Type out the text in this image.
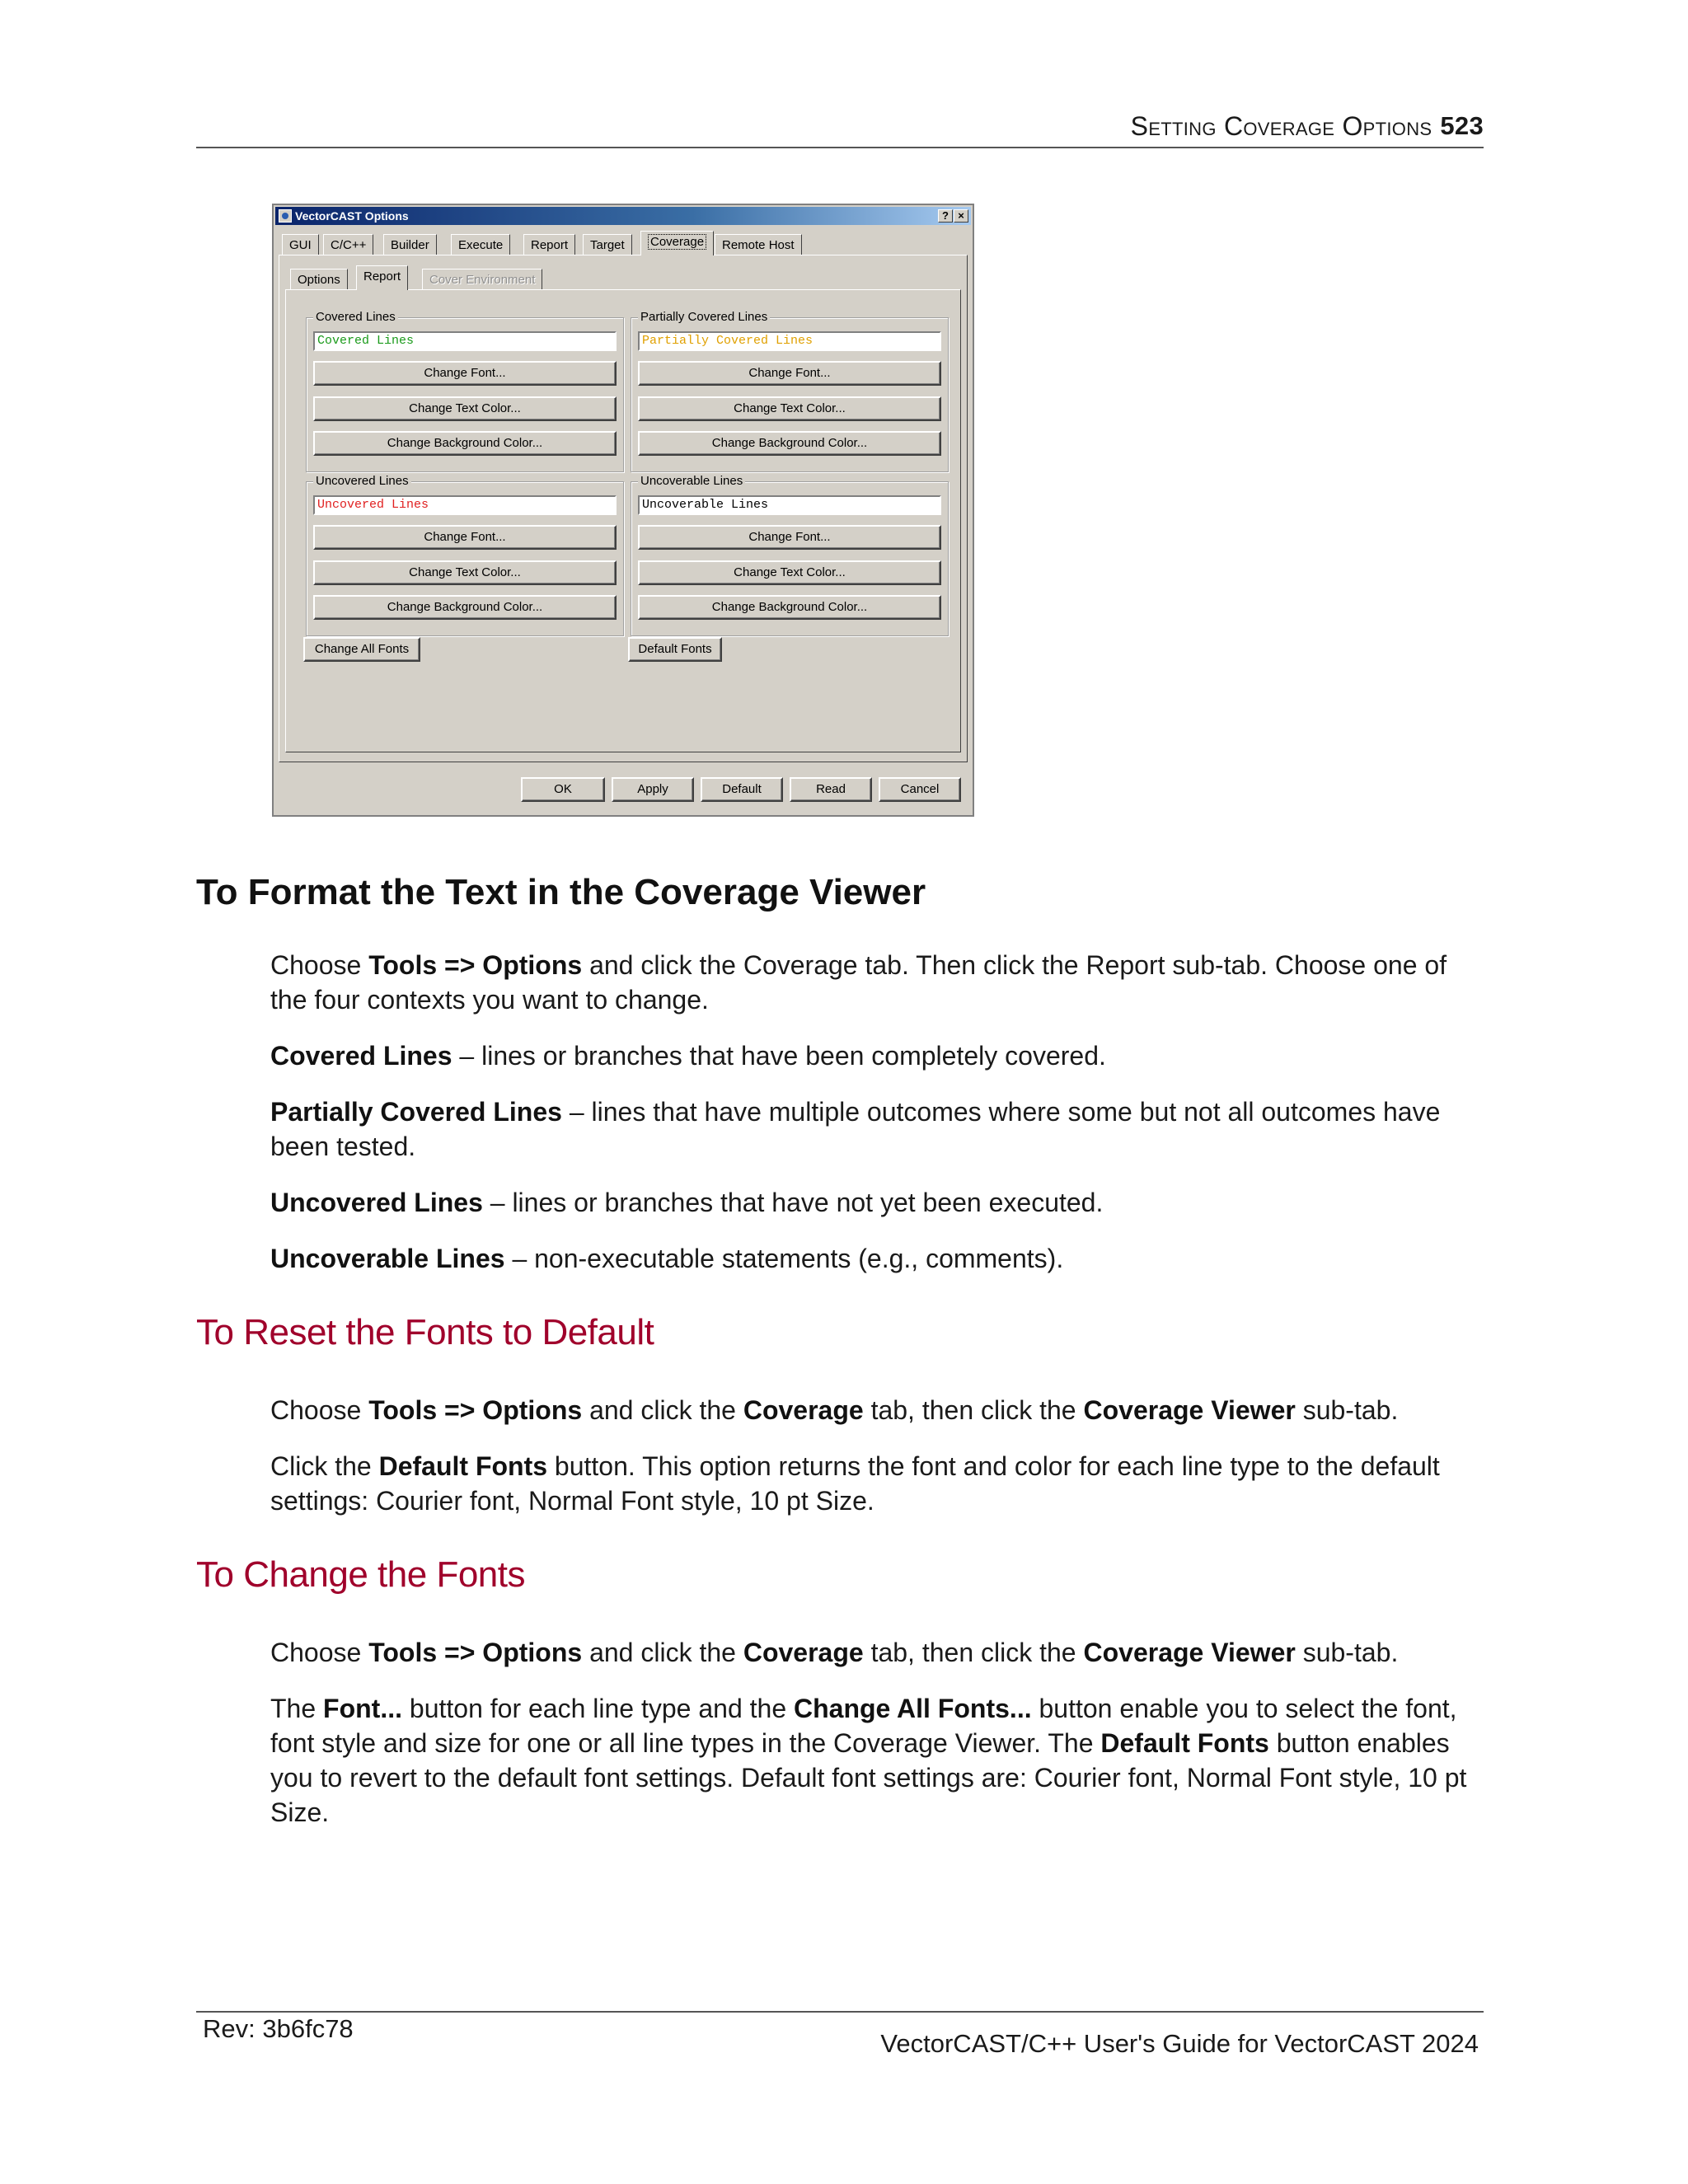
Setting Coverage Options 523
VectorCAST Options	? ×
GUI	C/C++	Builder	Execute	Report	Target	Coverage	Remote Host
Options	Report	Cover Environment
Covered Lines
Covered Lines
Change Font...
Change Text Color...
Change Background Color...
Partially Covered Lines
Partially Covered Lines
Change Font...
Change Text Color...
Change Background Color...
Uncovered Lines
Uncovered Lines
Change Font...
Change Text Color...
Change Background Color...
Uncoverable Lines
Uncoverable Lines
Change Font...
Change Text Color...
Change Background Color...
Change All Fonts	Default Fonts
OK	Apply	Default	Read	Cancel
To Format the Text in the Coverage Viewer

Choose Tools => Options and click the Coverage tab. Then click the Report sub-tab. Choose one of the four contexts you want to change.

Covered Lines – lines or branches that have been completely covered.

Partially Covered Lines – lines that have multiple outcomes where some but not all outcomes have been tested.

Uncovered Lines – lines or branches that have not yet been executed.

Uncoverable Lines – non-executable statements (e.g., comments).

To Reset the Fonts to Default

Choose Tools => Options and click the Coverage tab, then click the Coverage Viewer sub-tab.

Click the Default Fonts button. This option returns the font and color for each line type to the default settings: Courier font, Normal Font style, 10 pt Size.

To Change the Fonts

Choose Tools => Options and click the Coverage tab, then click the Coverage Viewer sub-tab.

The Font... button for each line type and the Change All Fonts... button enable you to select the font, font style and size for one or all line types in the Coverage Viewer. The Default Fonts button enables you to revert to the default font settings. Default font settings are: Courier font, Normal Font style, 10 pt Size.

Rev: 3b6fc78
VectorCAST/C++ User's Guide for VectorCAST 2024
